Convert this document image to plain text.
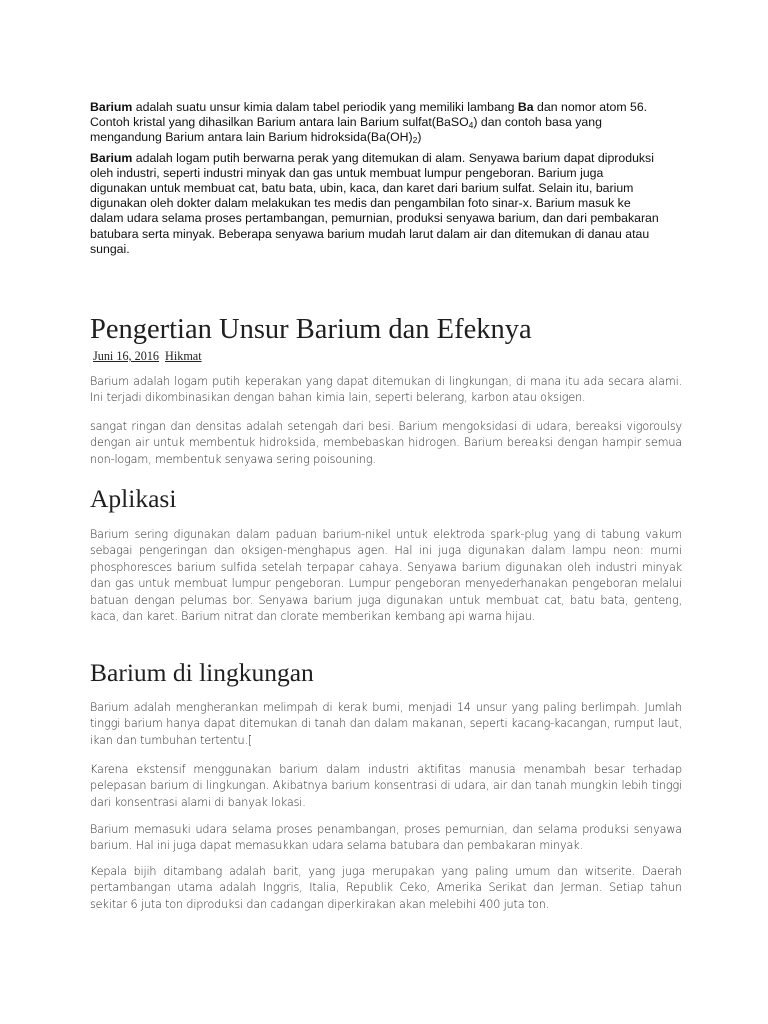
Barium adalah suatu unsur kimia dalam tabel periodik yang memiliki lambang Ba dan nomor atom 56. Contoh kristal yang dihasilkan Barium antara lain Barium sulfat(BaSO$_4$) dan contoh basa yang mengandung Barium antara lain Barium $hidroksida(Ba(OH)_2)$

Barium adalah logam putih berwarna perak yang ditemukan di alam. Senyawa barium dapat diproduksi oleh industri, seperti industri minyak dan gas untuk membuat lumpur pengeboran. Barium juga digunakan untuk membuat cat, batu bata, ubin, kaca, dan karet dari barium sulfat. Selain itu, barium digunakan oleh dokter dalam melakukan tes medis dan pengambilan foto sinar-x. Barium masuk ke dalam udara selama proses pertambangan, pemurnian, produksi senyawa barium, dan dari pembakaran batubara serta minyak. Beberapa senyawa barium mudah larut dalam air dan ditemukan di danau atau sungai.

Pengertian Unsur Barium dan Efeknya
Juni 16, 2016 Hikmat

Barium adalah logam putih keperakan yang dapat ditemukan di lingkungan, di mana itu ada secara alami. Ini terjadi dikombinasikan dengan bahan kimia lain, seperti belerang, karbon atau oksigen.

sangat ringan dan densitas adalah setengah dari besi. Barium mengoksidasi di udara, bereaksi vigoroulsy dengan air untuk membentuk hidroksida, membebaskan hidrogen. Barium bereaksi dengan hampir semua non-logam, membentuk senyawa sering poisouning.

Aplikasi

Barium sering digunakan dalam paduan barium-nikel untuk elektroda spark-plug yang di tabung vakum sebagai pengeringan dan oksigen-menghapus agen. Hal ini juga digunakan dalam lampu neon: murni phosphoresces barium sulfida setelah terpapar cahaya. Senyawa barium digunakan oleh industri minyak dan gas untuk membuat lumpur pengeboran. Lumpur pengeboran menyederhanakan pengeboran melalui batuan dengan pelumas bor. Senyawa barium juga digunakan untuk membuat cat, batu bata, genteng, kaca, dan karet. Barium nitrat dan clorate memberikan kembang api warna hijau.

Barium di lingkungan

Barium adalah mengherankan melimpah di kerak bumi, menjadi 14 unsur yang paling berlimpah. Jumlah tinggi barium hanya dapat ditemukan di tanah dan dalam makanan, seperti kacang-kacangan, rumput laut, ikan dan tumbuhan tertentu.[

Karena ekstensif menggunakan barium dalam industri aktifitas manusia menambah besar terhadap pelepasan barium di lingkungan. Akibatnya barium konsentrasi di udara, air dan tanah mungkin lebih tinggi dari konsentrasi alami di banyak lokasi.

Barium memasuki udara selama proses penambangan, proses pemurnian, dan selama produksi senyawa barium. Hal ini juga dapat memasukkan udara selama batubara dan pembakaran minyak.

Kepala bijih ditambang adalah barit, yang juga merupakan yang paling umum dan witserite. Daerah pertambangan utama adalah Inggris, Italia, Republik Ceko, Amerika Serikat dan Jerman. Setiap tahun sekitar 6 juta ton diproduksi dan cadangan diperkirakan akan melebihi 400 juta ton.
